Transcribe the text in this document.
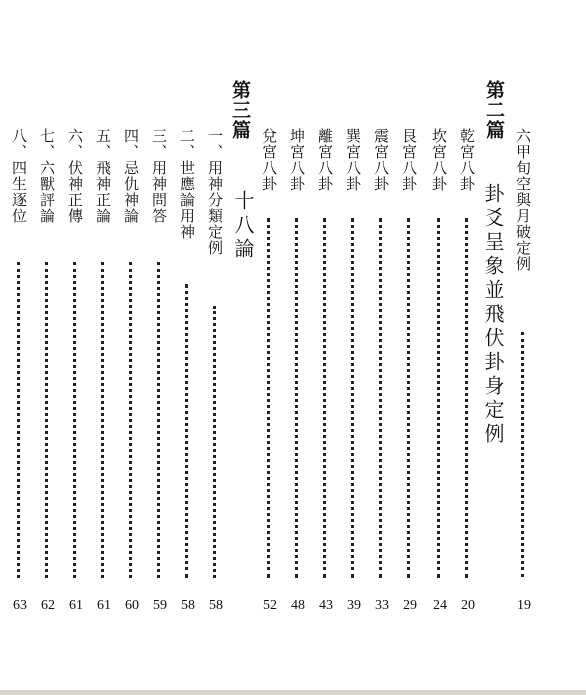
六甲旬空與月破定例
19
第二篇
卦爻呈象並飛伏卦身定例
乾宮八卦
20
坎宮八卦
24
艮宮八卦
29
震宮八卦
33
巽宮八卦
39
離宮八卦
43
坤宮八卦
48
兌宮八卦
52
第三篇
十八論
一、用神分類定例
58
二、世應論用神
58
三、用神問答
59
四、忌仇神論
60
五、飛神正論
61
六、伏神正傳
61
七、六獸評論
62
八、四生逐位
63
